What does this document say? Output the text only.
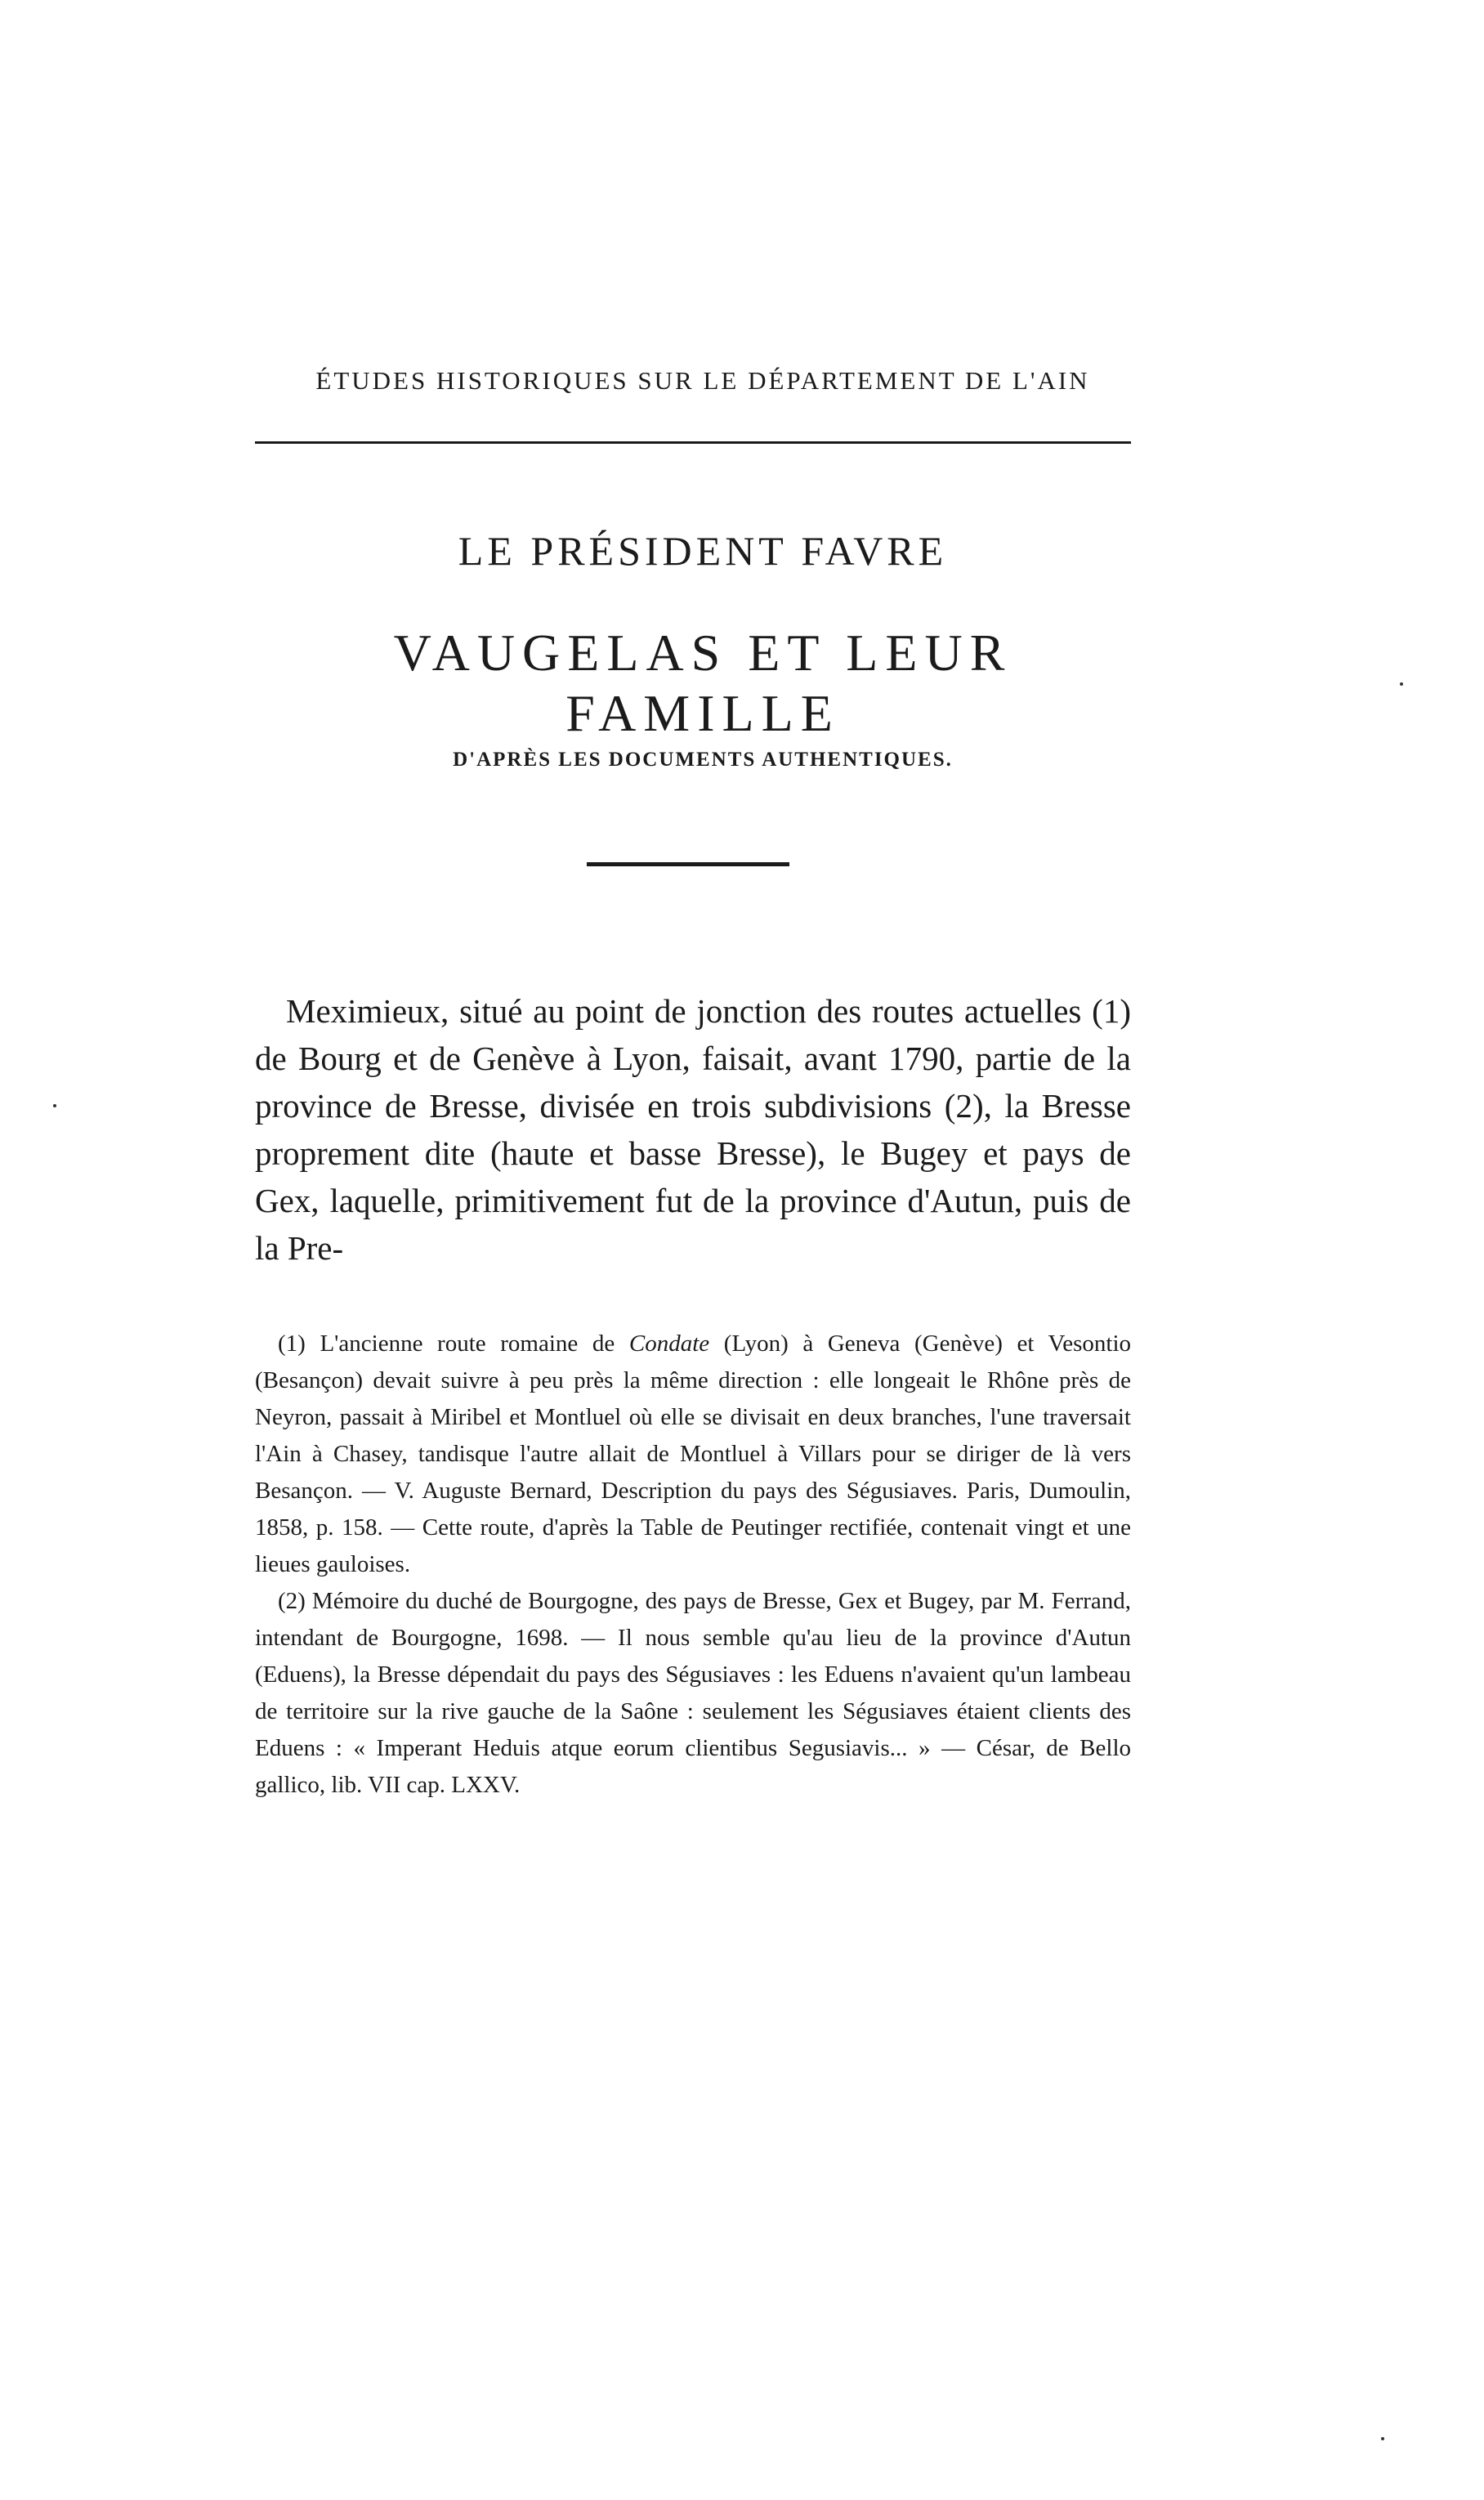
ÉTUDES HISTORIQUES SUR LE DÉPARTEMENT DE L'AIN
LE PRÉSIDENT FAVRE
VAUGELAS ET LEUR FAMILLE
D'APRÈS LES DOCUMENTS AUTHENTIQUES.

Meximieux, situé au point de jonction des routes actuelles (1) de Bourg et de Genève à Lyon, faisait, avant 1790, partie de la province de Bresse, divisée en trois subdivisions (2), la Bresse proprement dite (haute et basse Bresse), le Bugey et pays de Gex, laquelle, primitivement fut de la province d'Autun, puis de la Pre-

(1) L'ancienne route romaine de Condate (Lyon) à Geneva (Genève) et Vesontio (Besançon) devait suivre à peu près la même direction : elle longeait le Rhône près de Neyron, passait à Miribel et Montluel où elle se divisait en deux branches, l'une traversait l'Ain à Chasey, tandisque l'autre allait de Montluel à Villars pour se diriger de là vers Besançon. — V. Auguste Bernard, Description du pays des Ségusiaves. Paris, Dumoulin, 1858, p. 158. — Cette route, d'après la Table de Peutinger rectifiée, contenait vingt et une lieues gauloises.

(2) Mémoire du duché de Bourgogne, des pays de Bresse, Gex et Bugey, par M. Ferrand, intendant de Bourgogne, 1698. — Il nous semble qu'au lieu de la province d'Autun (Eduens), la Bresse dépendait du pays des Ségusiaves : les Eduens n'avaient qu'un lambeau de territoire sur la rive gauche de la Saône : seulement les Ségusiaves étaient clients des Eduens : « Imperant Heduis atque eorum clientibus Segusiavis... » — César, de Bello gallico, lib. VII cap. LXXV.
